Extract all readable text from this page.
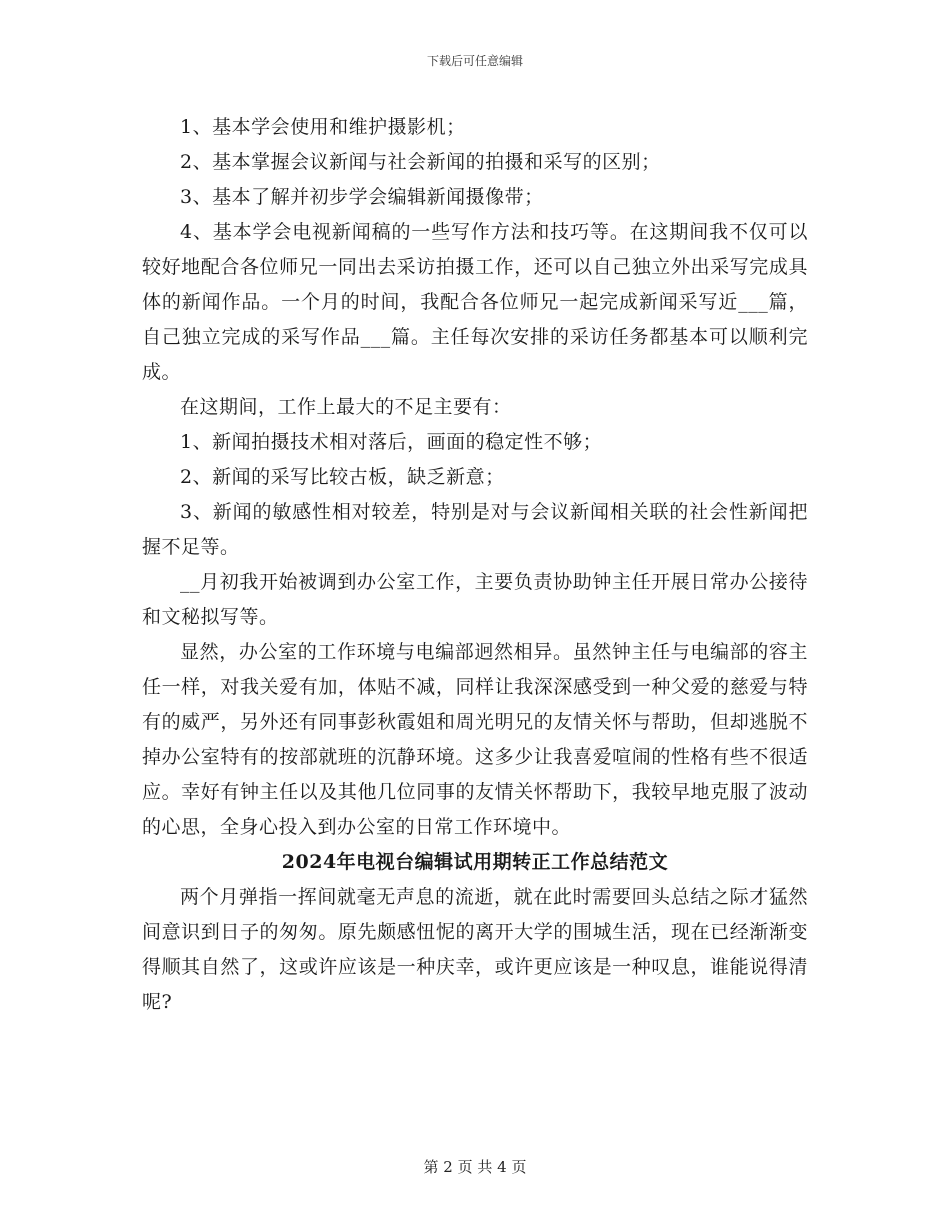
下载后可任意编辑

1、基本学会使用和维护摄影机；

2、基本掌握会议新闻与社会新闻的拍摄和采写的区别；

3、基本了解并初步学会编辑新闻摄像带；

4、基本学会电视新闻稿的一些写作方法和技巧等。在这期间我不仅可以较好地配合各位师兄一同出去采访拍摄工作，还可以自己独立外出采写完成具体的新闻作品。一个月的时间，我配合各位师兄一起完成新闻采写近___篇，自己独立完成的采写作品___篇。主任每次安排的采访任务都基本可以顺利完成。

在这期间，工作上最大的不足主要有：

1、新闻拍摄技术相对落后，画面的稳定性不够；

2、新闻的采写比较古板，缺乏新意；

3、新闻的敏感性相对较差，特别是对与会议新闻相关联的社会性新闻把握不足等。

__月初我开始被调到办公室工作，主要负责协助钟主任开展日常办公接待和文秘拟写等。

显然，办公室的工作环境与电编部迥然相异。虽然钟主任与电编部的容主任一样，对我关爱有加，体贴不减，同样让我深深感受到一种父爱的慈爱与特有的威严，另外还有同事彭秋霞姐和周光明兄的友情关怀与帮助，但却逃脱不掉办公室特有的按部就班的沉静环境。这多少让我喜爱喧闹的性格有些不很适应。幸好有钟主任以及其他几位同事的友情关怀帮助下，我较早地克服了波动的心思，全身心投入到办公室的日常工作环境中。

2024年电视台编辑试用期转正工作总结范文

两个月弹指一挥间就毫无声息的流逝，就在此时需要回头总结之际才猛然间意识到日子的匆匆。原先颇感忸怩的离开大学的围城生活，现在已经渐渐变得顺其自然了，这或许应该是一种庆幸，或许更应该是一种叹息，谁能说得清呢?

第 2 页 共 4 页
